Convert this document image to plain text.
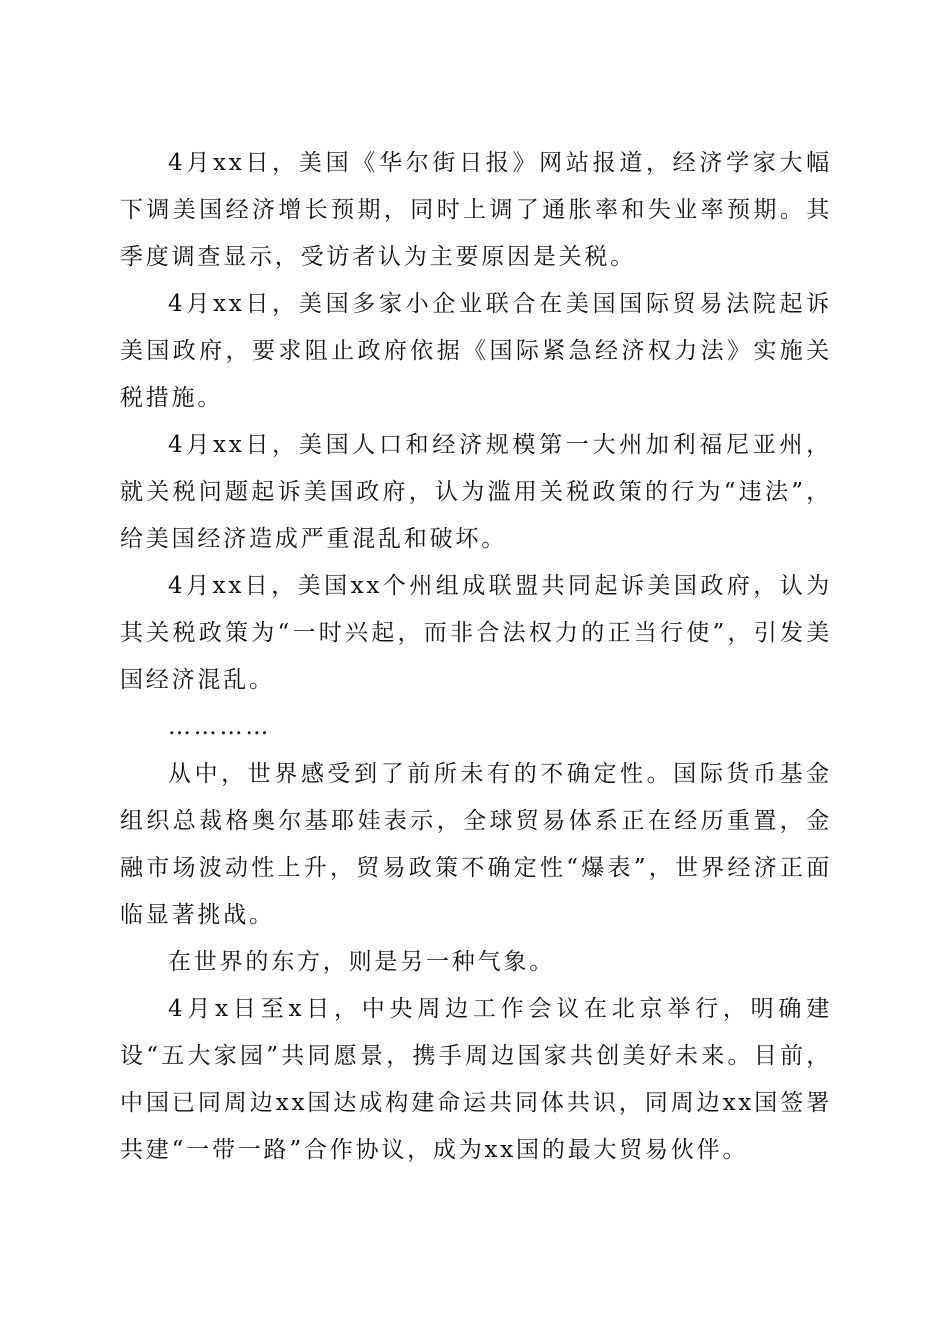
4月xx日，美国《华尔街日报》网站报道，经济学家大幅下调美国经济增长预期，同时上调了通胀率和失业率预期。其季度调查显示，受访者认为主要原因是关税。

4月xx日，美国多家小企业联合在美国国际贸易法院起诉美国政府，要求阻止政府依据《国际紧急经济权力法》实施关税措施。

4月xx日，美国人口和经济规模第一大州加利福尼亚州，就关税问题起诉美国政府，认为滥用关税政策的行为“违法”，给美国经济造成严重混乱和破坏。

4月xx日，美国xx个州组成联盟共同起诉美国政府，认为其关税政策为“一时兴起，而非合法权力的正当行使”，引发美国经济混乱。

…………

从中，世界感受到了前所未有的不确定性。国际货币基金组织总裁格奥尔基耶娃表示，全球贸易体系正在经历重置，金融市场波动性上升，贸易政策不确定性“爆表”，世界经济正面临显著挑战。

在世界的东方，则是另一种气象。

4月x日至x日，中央周边工作会议在北京举行，明确建设“五大家园”共同愿景，携手周边国家共创美好未来。目前，中国已同周边xx国达成构建命运共同体共识，同周边xx国签署共建“一带一路”合作协议，成为xx国的最大贸易伙伴。
